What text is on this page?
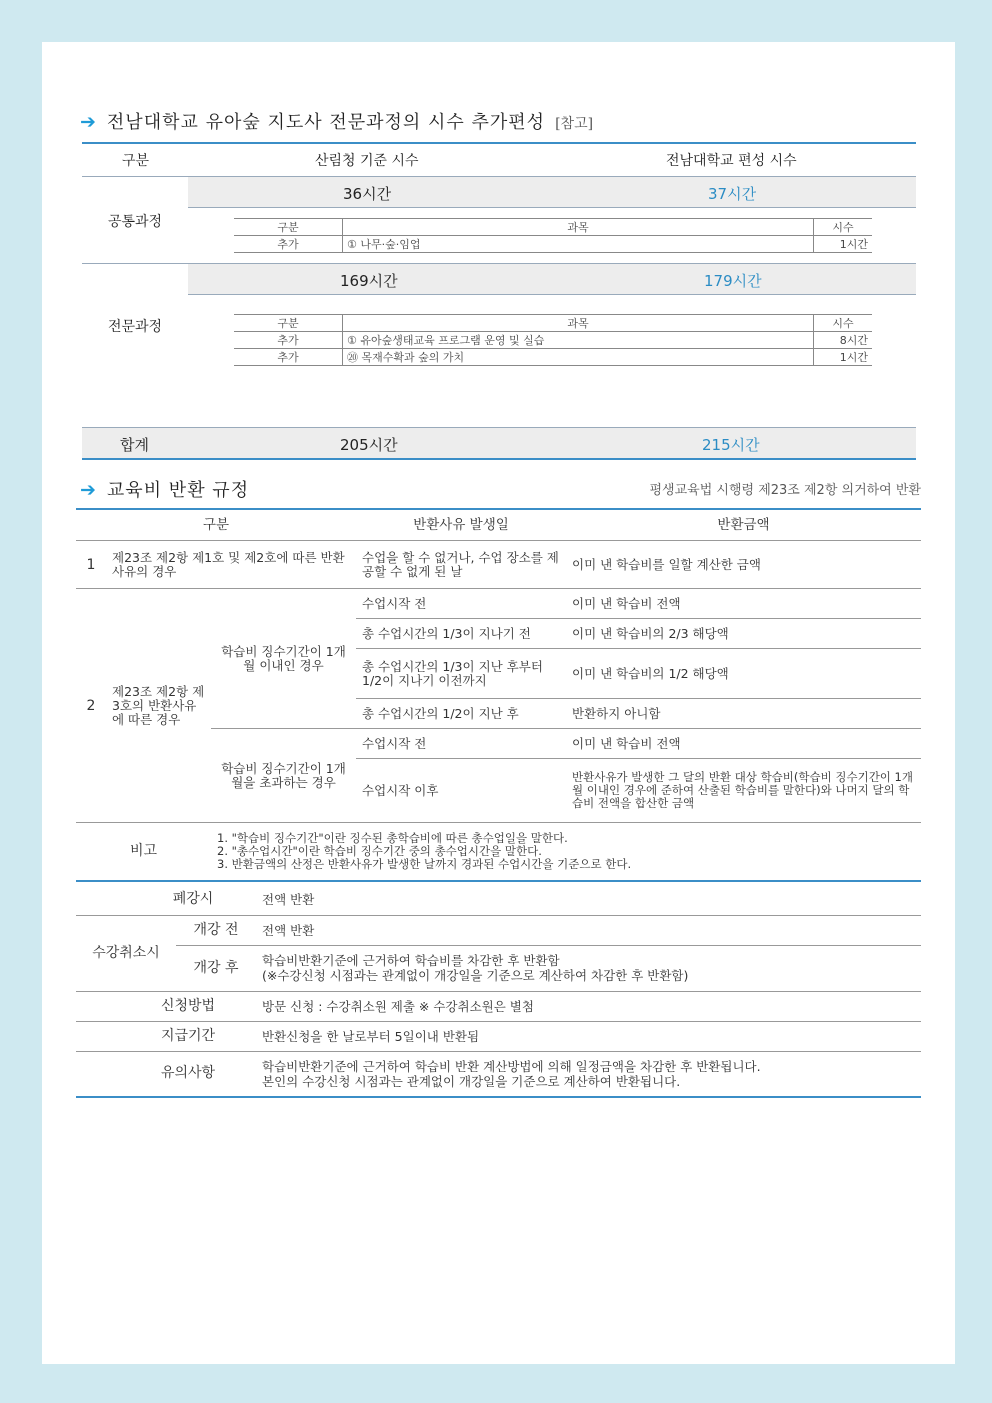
➔ 전남대학교 유아숲 지도사 전문과정의 시수 추가편성 [참고]
구분	산림청 기준 시수	전남대학교 편성 시수
공통과정
36시간	37시간
구분	과목	시수
추가	① 나무·숲·임업	1시간
전문과정
169시간	179시간
구분	과목	시수
추가	① 유아숲생태교육 프로그램 운영 및 실습	8시간
추가	⑳ 목재수확과 숲의 가치	1시간
합계	205시간	215시간
➔ 교육비 반환 규정	평생교육법 시행령 제23조 제2항 의거하여 반환
구분			반환사유 발생일	반환금액
1	제23조 제2항 제1호 및 제2호에 따른 반환사유의 경우		수업을 할 수 없거나, 수업 장소를 제공할 수 없게 된 날	이미 낸 학습비를 일할 계산한 금액
2	제23조 제2항 제3호의 반환사유에 따른 경우	학습비 징수기간이 1개월 이내인 경우	수업시작 전	이미 낸 학습비 전액
			총 수업시간의 1/3이 지나기 전	이미 낸 학습비의 2/3 해당액
			총 수업시간의 1/3이 지난 후부터 1/2이 지나기 이전까지	이미 낸 학습비의 1/2 해당액
			총 수업시간의 1/2이 지난 후	반환하지 아니함
		학습비 징수기간이 1개월을 초과하는 경우	수업시작 전	이미 낸 학습비 전액
			수업시작 이후	반환사유가 발생한 그 달의 반환 대상 학습비(학습비 징수기간이 1개월 이내인 경우에 준하여 산출된 학습비를 말한다)와 나머지 달의 학습비 전액을 합산한 금액
비고		1. "학습비 징수기간"이란 징수된 총학습비에 따른 총수업일을 말한다.
2. "총수업시간"이란 학습비 징수기간 중의 총수업시간을 말한다.
3. 반환금액의 산정은 반환사유가 발생한 날까지 경과된 수업시간을 기준으로 한다.		
폐강시		전액 반환
수강취소시	개강 전	전액 반환
	개강 후	학습비반환기준에 근거하여 학습비를 차감한 후 반환함
(※수강신청 시점과는 관계없이 개강일을 기준으로 계산하여 차감한 후 반환함)

신청방법		방문 신청 : 수강취소원 제출 ※ 수강취소원은 별첨
지급기간		반환신청을 한 날로부터 5일이내 반환됨
유의사항		학습비반환기준에 근거하여 학습비 반환 계산방법에 의해 일정금액을 차감한 후 반환됩니다.
본인의 수강신청 시점과는 관계없이 개강일을 기준으로 계산하여 반환됩니다.
